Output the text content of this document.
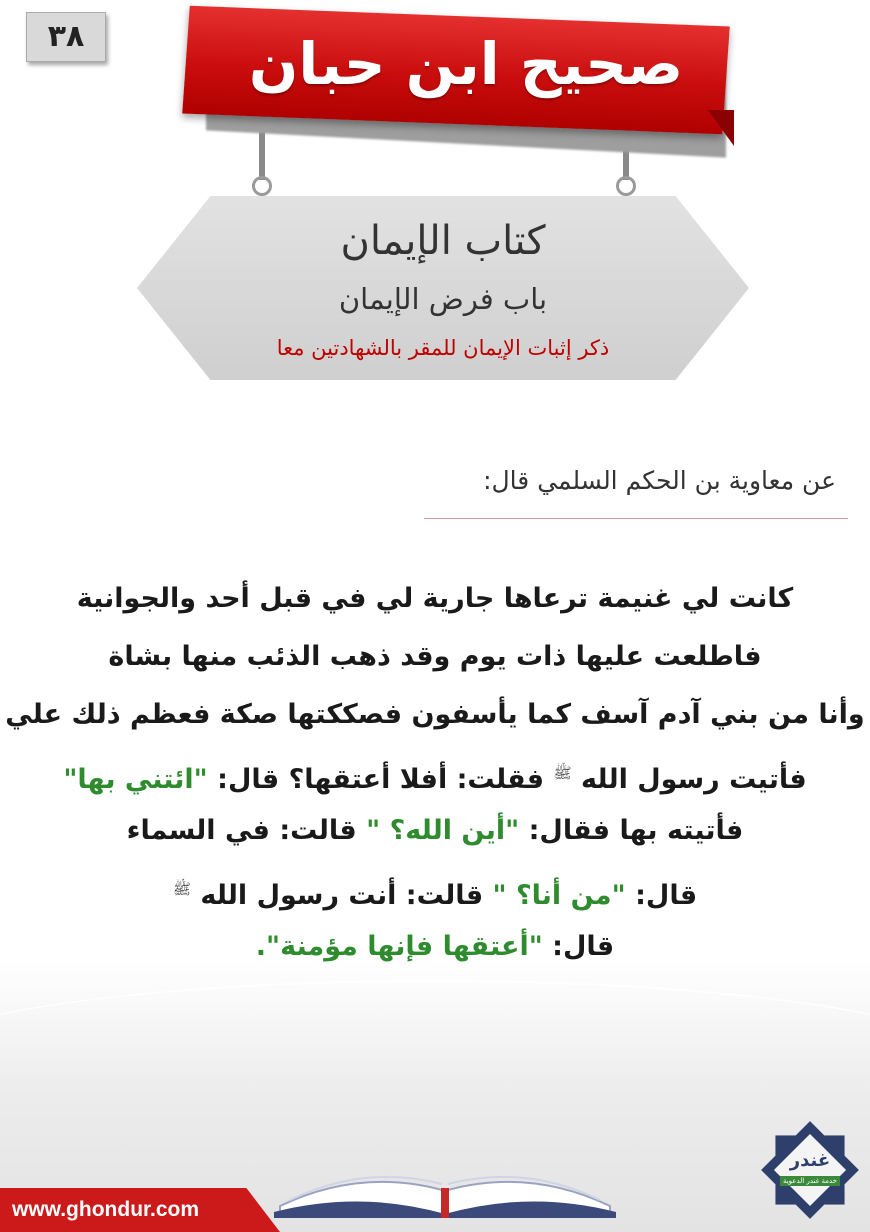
٣٨	صحيح ابن حبان
كتاب الإيمان
باب فرض الإيمان
ذكر إثبات الإيمان للمقر بالشهادتين معا
عن معاوية بن الحكم السلمي قال:
كانت لي غنيمة ترعاها جارية لي في قبل أحد والجوانية
فاطلعت عليها ذات يوم وقد ذهب الذئب منها بشاة
وأنا من بني آدم آسف كما يأسفون فصككتها صكة فعظم ذلك علي
فأتيت رسول الله $^ﷺ$ فقلت: أفلا أعتقها؟ قال: "ائتني بها"
فأتيته بها فقال: "أين الله؟ " قالت: في السماء
قال: "من أنا؟ " قالت: أنت رسول الله $^ﷺ$
قال: "أعتقها فإنها مؤمنة".
غندر
خدمة غندر الدعوية
www.ghondur.com
